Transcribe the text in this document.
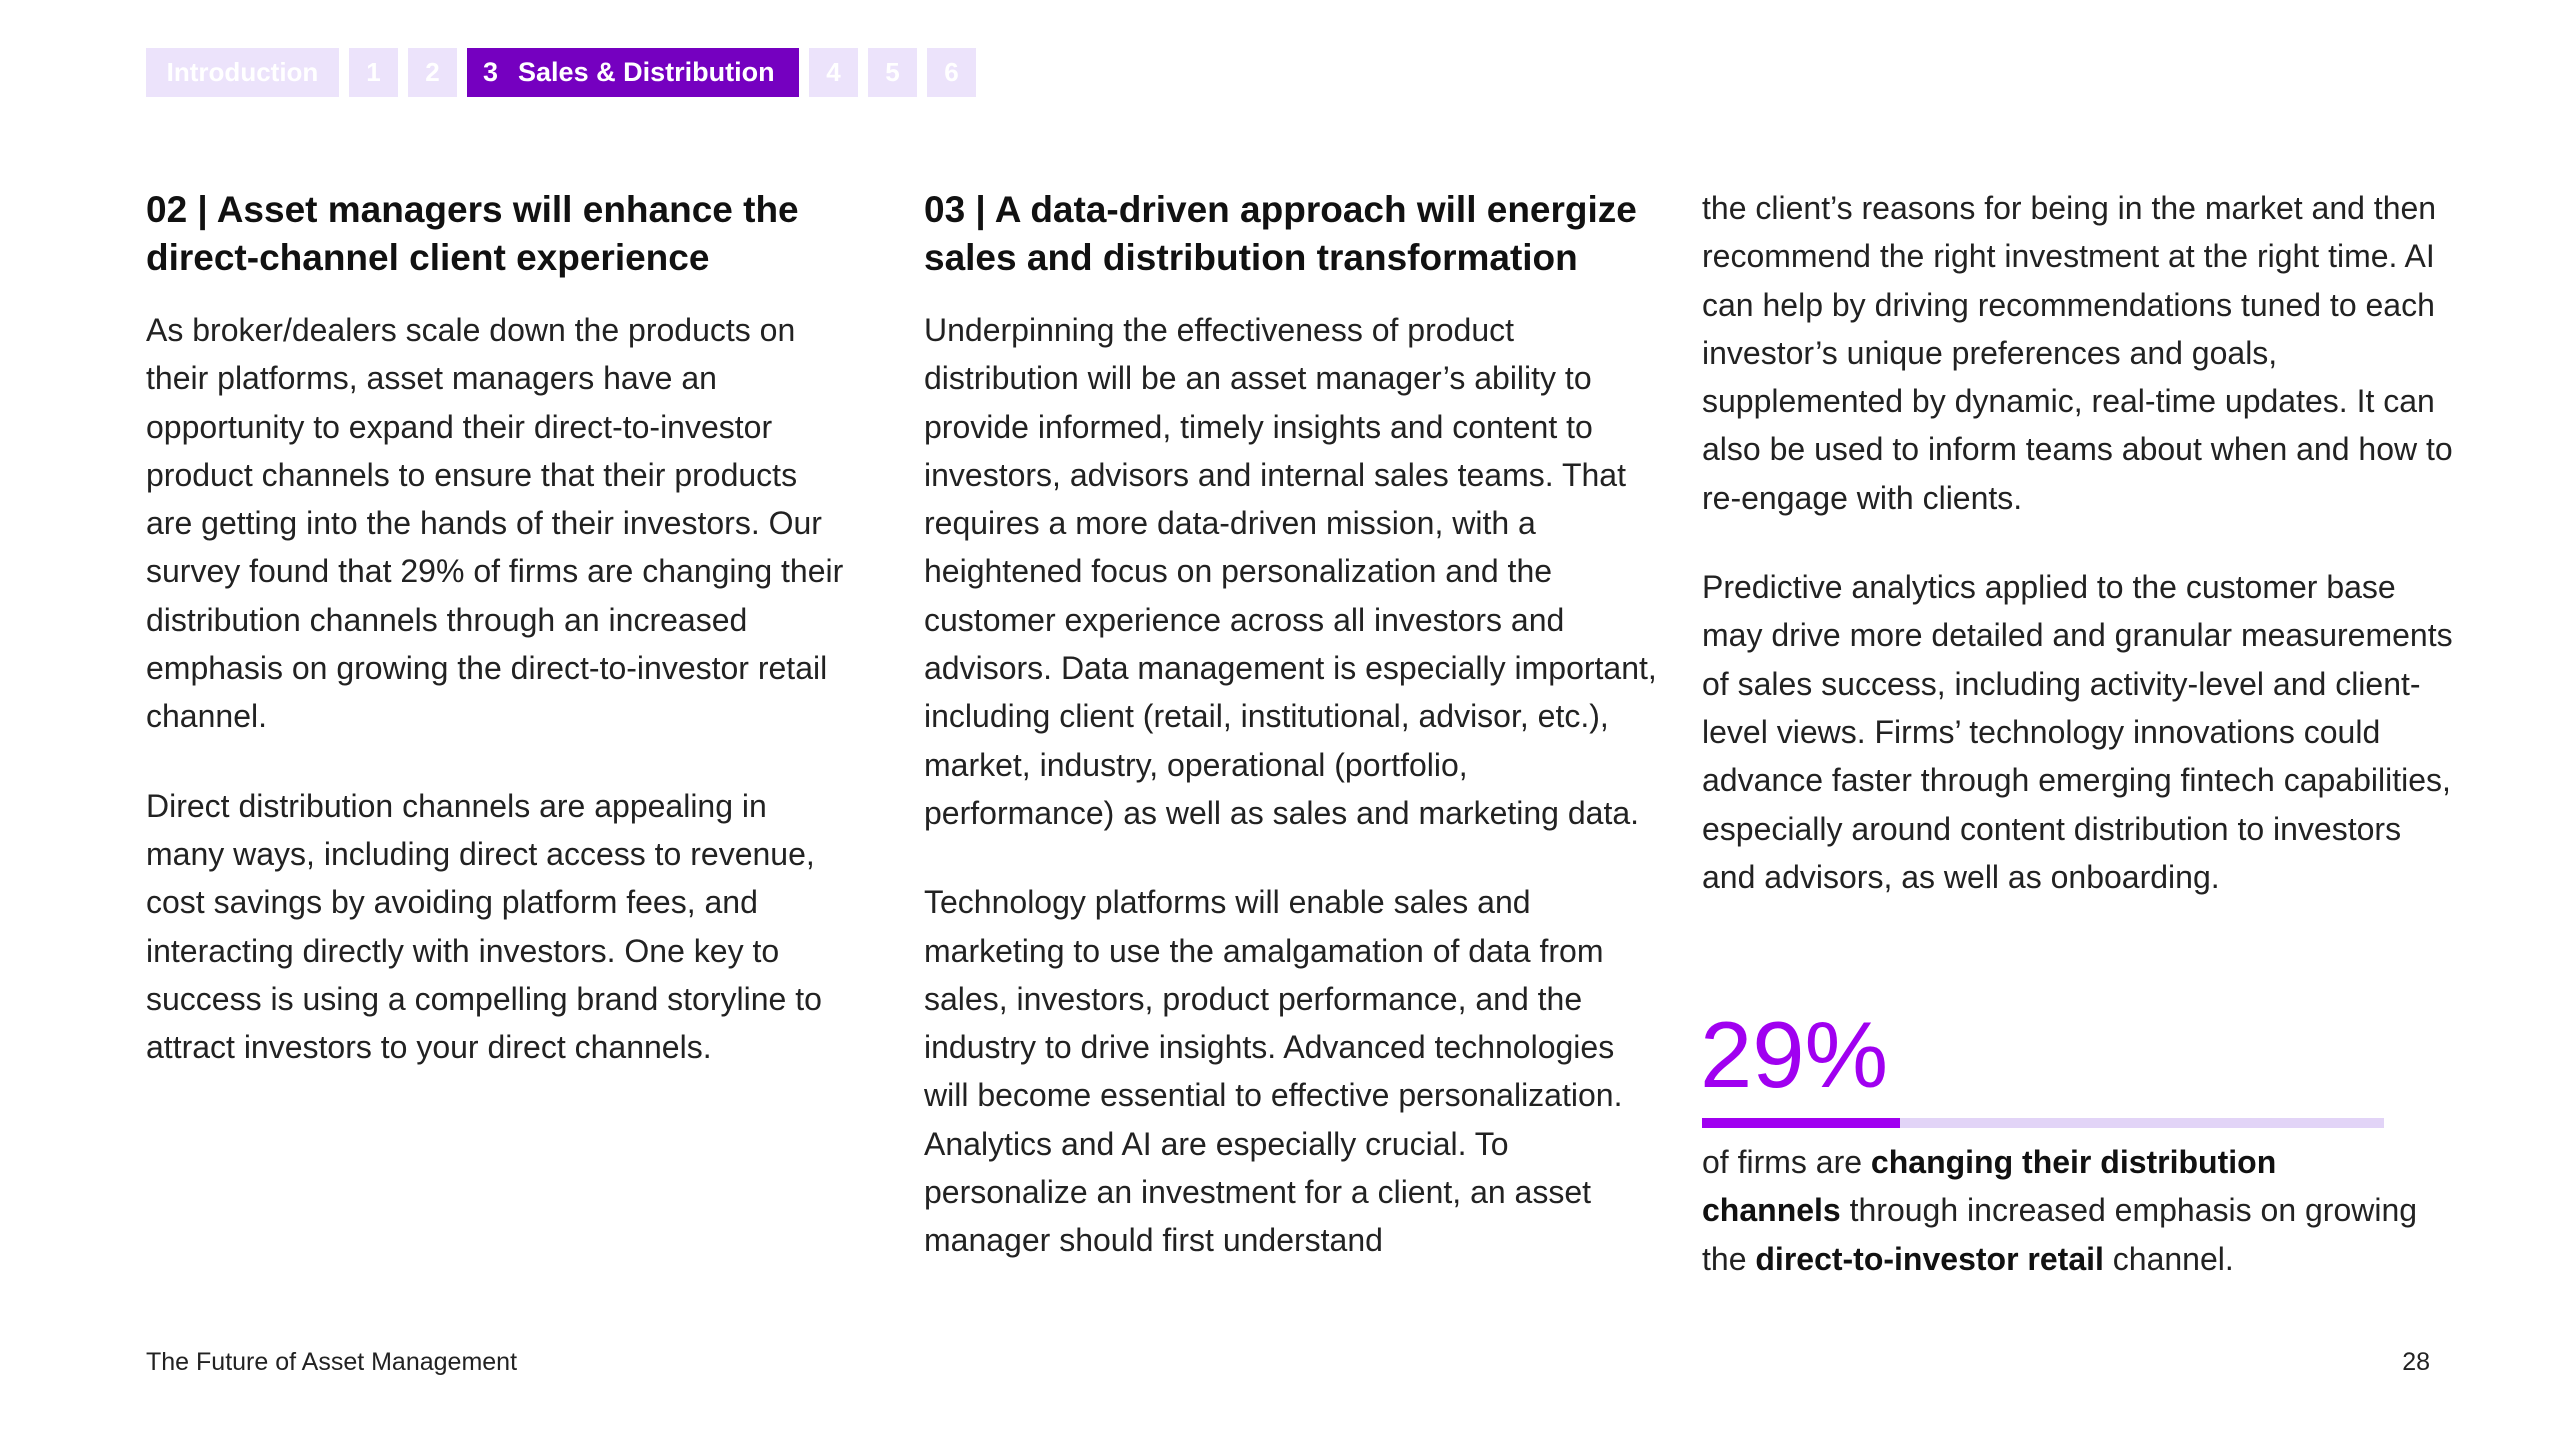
Introduction	1	2	3 Sales & Distribution	4	5	6
02 | Asset managers will enhance the direct-channel client experience

As broker/dealers scale down the products on their platforms, asset managers have an opportunity to expand their direct-to-investor product channels to ensure that their products are getting into the hands of their investors. Our survey found that 29% of firms are changing their distribution channels through an increased emphasis on growing the direct-to-investor retail channel.

Direct distribution channels are appealing in many ways, including direct access to revenue, cost savings by avoiding platform fees, and interacting directly with investors. One key to success is using a compelling brand storyline to attract investors to your direct channels.

03 | A data-driven approach will energize sales and distribution transformation

Underpinning the effectiveness of product distribution will be an asset manager’s ability to provide informed, timely insights and content to investors, advisors and internal sales teams. That requires a more data-driven mission, with a heightened focus on personalization and the customer experience across all investors and advisors. Data management is especially important, including client (retail, institutional, advisor, etc.), market, industry, operational (portfolio, performance) as well as sales and marketing data.

Technology platforms will enable sales and marketing to use the amalgamation of data from sales, investors, product performance, and the industry to drive insights. Advanced technologies will become essential to effective personalization. Analytics and AI are especially crucial. To personalize an investment for a client, an asset manager should first understand

the client’s reasons for being in the market and then recommend the right investment at the right time. AI can help by driving recommendations tuned to each investor’s unique preferences and goals, supplemented by dynamic, real-time updates. It can also be used to inform teams about when and how to re-engage with clients.

Predictive analytics applied to the customer base may drive more detailed and granular measurements of sales success, including activity-level and client-level views. Firms’ technology innovations could advance faster through emerging fintech capabilities, especially around content distribution to investors and advisors, as well as onboarding.

29%
of firms are changing their distribution channels through increased emphasis on growing the direct-to-investor retail channel.
The Future of Asset Management	28
